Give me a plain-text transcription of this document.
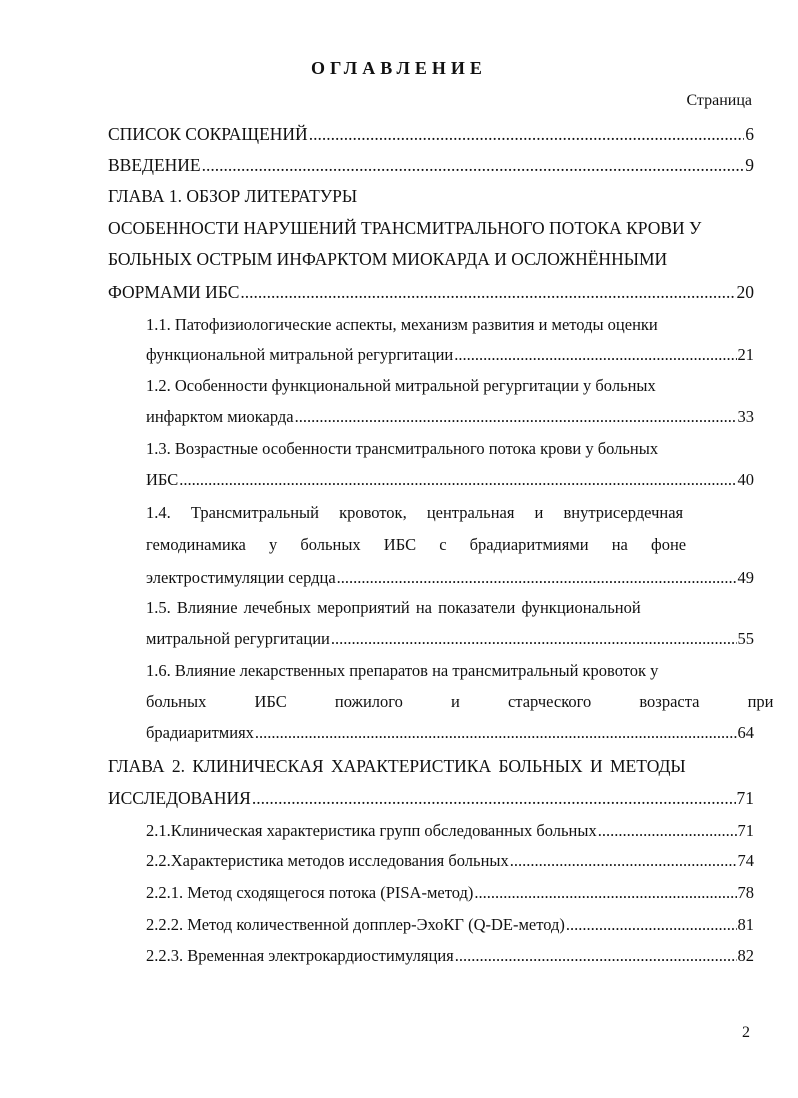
ОГЛАВЛЕНИЕ
Страница
СПИСОК СОКРАЩЕНИЙ .....	6
ВВЕДЕНИЕ .....	9
ГЛАВА 1. ОБЗОР ЛИТЕРАТУРЫ
ОСОБЕННОСТИ НАРУШЕНИЙ ТРАНСМИТРАЛЬНОГО ПОТОКА КРОВИ У
БОЛЬНЫХ ОСТРЫМ ИНФАРКТОМ МИОКАРДА И ОСЛОЖНЁННЫМИ
ФОРМАМИ ИБС .....	20
1.1. Патофизиологические аспекты, механизм развития и методы оценки
функциональной митральной регургитации .....	21
1.2. Особенности функциональной митральной регургитации у больных
инфарктом миокарда .....	33
1.3. Возрастные особенности трансмитрального потока крови у больных
ИБС .....	40
1.4. Трансмитральный кровоток, центральная и внутрисердечная
гемодинамика у больных ИБС с брадиаритмиями на фоне
электростимуляции сердца .....	49
1.5. Влияние лечебных мероприятий на показатели функциональной
митральной регургитации .....	55
1.6. Влияние лекарственных препаратов на трансмитральный кровоток у
больных ИБС пожилого и старческого возраста при
брадиаритмиях .....	64
ГЛАВА 2. КЛИНИЧЕСКАЯ ХАРАКТЕРИСТИКА БОЛЬНЫХ И МЕТОДЫ
ИССЛЕДОВАНИЯ .....	71
2.1.Клиническая характеристика групп обследованных больных .....	71
2.2.Характеристика методов исследования больных .....	74
2.2.1. Метод сходящегося потока (PISA-метод) .....	78
2.2.2. Метод количественной допплер-ЭхоКГ (Q-DE-метод) .....	81
2.2.3. Временная электрокардиостимуляция .....	82
2
